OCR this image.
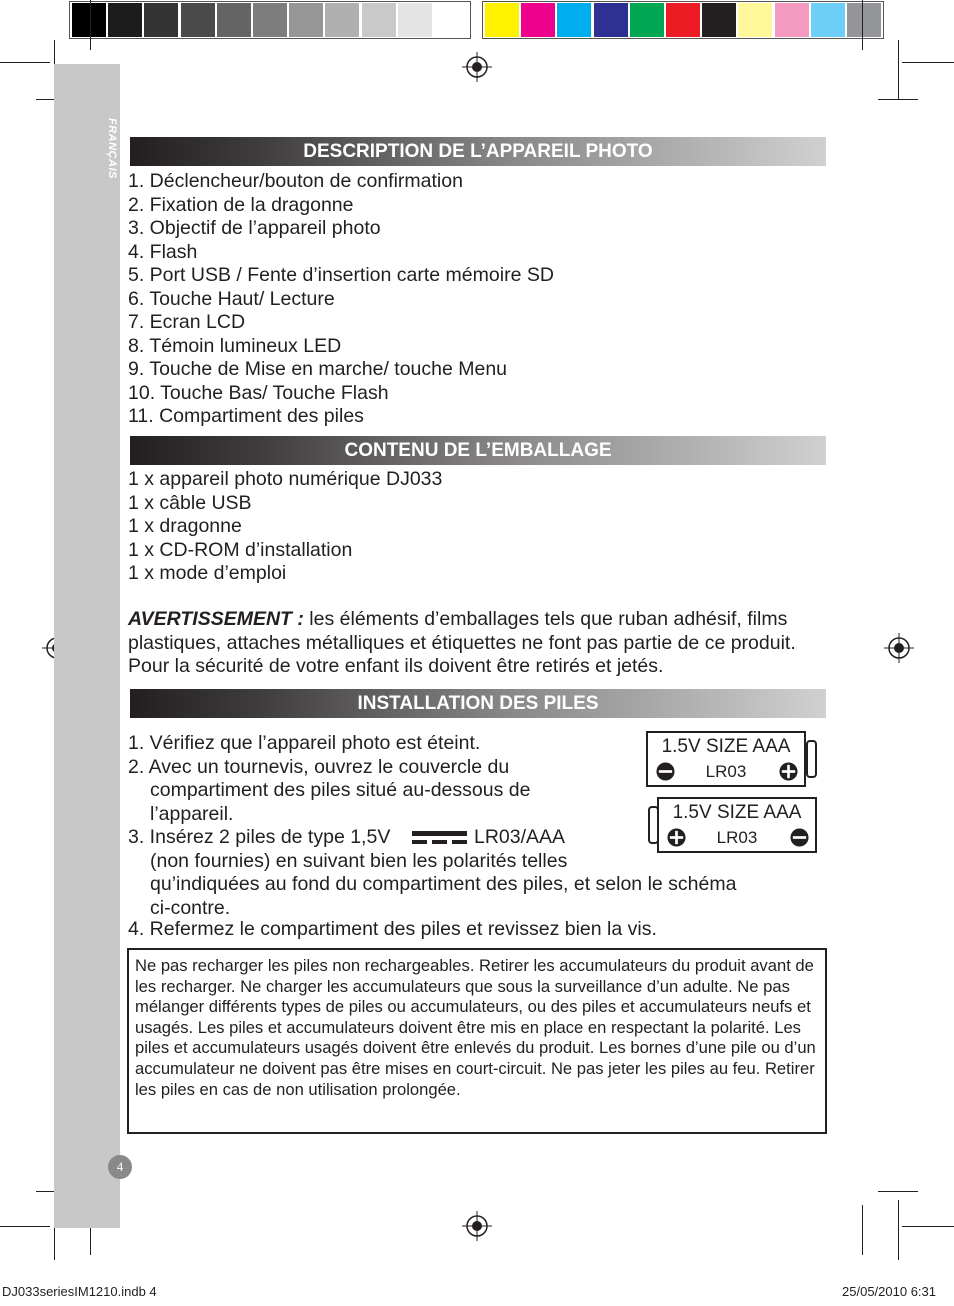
FRANÇAIS	DESCRIPTION DE L’APPAREIL PHOTO
1. Déclencheur/bouton de confirmation
2. Fixation de la dragonne
3. Objectif de l’appareil photo
4. Flash
5. Port USB / Fente d’insertion carte mémoire SD
6. Touche Haut/ Lecture
7. Ecran LCD
8. Témoin lumineux LED
9. Touche de Mise en marche/ touche Menu
10. Touche Bas/ Touche Flash
11. Compartiment des piles
CONTENU DE L’EMBALLAGE
1 x appareil photo numérique DJ033
1 x câble USB
1 x dragonne
1 x CD-ROM d’installation
1 x mode d’emploi
AVERTISSEMENT : les éléments d’emballages tels que ruban adhésif, films plastiques, attaches métalliques et étiquettes ne font pas partie de ce produit. Pour la sécurité de votre enfant ils doivent être retirés et jetés.
INSTALLATION DES PILES
1. Vérifiez que l’appareil photo est éteint.
2. Avec un tournevis, ouvrez le couvercle du
compartiment des piles situé au-dessous de
l’appareil.
3. Insérez 2 piles de type 1,5V	LR03/AAA
(non fournies) en suivant bien les polarités telles
qu’indiquées au fond du compartiment des piles, et selon le schéma
ci-contre.
4. Refermez le compartiment des piles et revissez bien la vis.
1.5V SIZE AAA
LR03
1.5V SIZE AAA
LR03
Ne pas recharger les piles non rechargeables. Retirer les accumulateurs du produit avant de les recharger. Ne charger les accumulateurs que sous la surveillance d’un adulte. Ne pas mélanger différents types de piles ou accumulateurs, ou des piles et accumulateurs neufs et usagés. Les piles et accumulateurs doivent être mis en place en respectant la polarité. Les piles et accumulateurs usagés doivent être enlevés du produit. Les bornes d’une pile ou d’un accumulateur ne doivent pas être mises en court-circuit. Ne pas jeter les piles au feu. Retirer les piles en cas de non utilisation prolongée.
4
DJ033seriesIM1210.indb 4	25/05/2010 6:31
